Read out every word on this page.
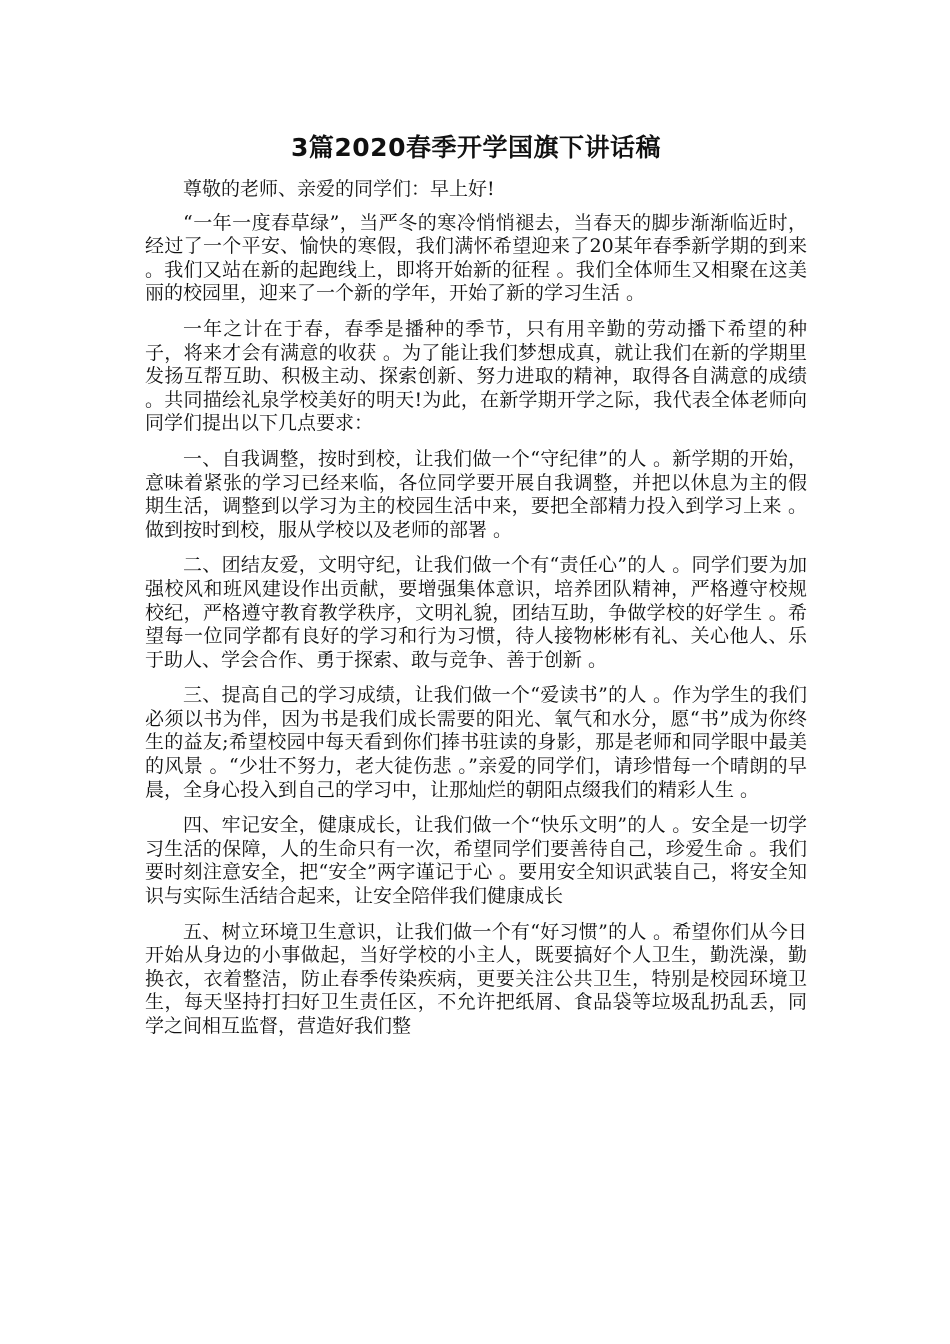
3篇2020春季开学国旗下讲话稿

尊敬的老师、亲爱的同学们：早上好!

“一年一度春草绿”，当严冬的寒冷悄悄褪去，当春天的脚步渐渐临近时，经过了一个平安、愉快的寒假，我们满怀希望迎来了20某年春季新学期的到来 。我们又站在新的起跑线上，即将开始新的征程 。我们全体师生又相聚在这美丽的校园里，迎来了一个新的学年，开始了新的学习生活 。

一年之计在于春，春季是播种的季节，只有用辛勤的劳动播下希望的种子，将来才会有满意的收获 。为了能让我们梦想成真，就让我们在新的学期里发扬互帮互助、积极主动、探索创新、努力进取的精神，取得各自满意的成绩 。共同描绘礼泉学校美好的明天!为此，在新学期开学之际，我代表全体老师向同学们提出以下几点要求：

一、自我调整，按时到校，让我们做一个“守纪律”的人 。新学期的开始，意味着紧张的学习已经来临，各位同学要开展自我调整，并把以休息为主的假期生活，调整到以学习为主的校园生活中来，要把全部精力投入到学习上来 。做到按时到校，服从学校以及老师的部署 。

二、团结友爱，文明守纪，让我们做一个有“责任心”的人 。同学们要为加强校风和班风建设作出贡献，要增强集体意识，培养团队精神，严格遵守校规校纪，严格遵守教育教学秩序，文明礼貌，团结互助，争做学校的好学生 。希望每一位同学都有良好的学习和行为习惯，待人接物彬彬有礼、关心他人、乐于助人、学会合作、勇于探索、敢与竞争、善于创新 。

三、提高自己的学习成绩，让我们做一个“爱读书”的人 。作为学生的我们必须以书为伴，因为书是我们成长需要的阳光、氧气和水分，愿“书”成为你终生的益友;希望校园中每天看到你们捧书驻读的身影，那是老师和同学眼中最美的风景 。“少壮不努力，老大徒伤悲 。”亲爱的同学们，请珍惜每一个晴朗的早晨，全身心投入到自己的学习中，让那灿烂的朝阳点缀我们的精彩人生 。

四、牢记安全，健康成长，让我们做一个“快乐文明”的人 。安全是一切学习生活的保障，人的生命只有一次，希望同学们要善待自己，珍爱生命 。我们要时刻注意安全，把“安全”两字谨记于心 。要用安全知识武装自己，将安全知识与实际生活结合起来，让安全陪伴我们健康成长

五、树立环境卫生意识，让我们做一个有“好习惯”的人 。希望你们从今日开始从身边的小事做起，当好学校的小主人，既要搞好个人卫生，勤洗澡，勤换衣，衣着整洁，防止春季传染疾病，更要关注公共卫生，特别是校园环境卫生，每天坚持打扫好卫生责任区，不允许把纸屑、食品袋等垃圾乱扔乱丢，同学之间相互监督，营造好我们整
